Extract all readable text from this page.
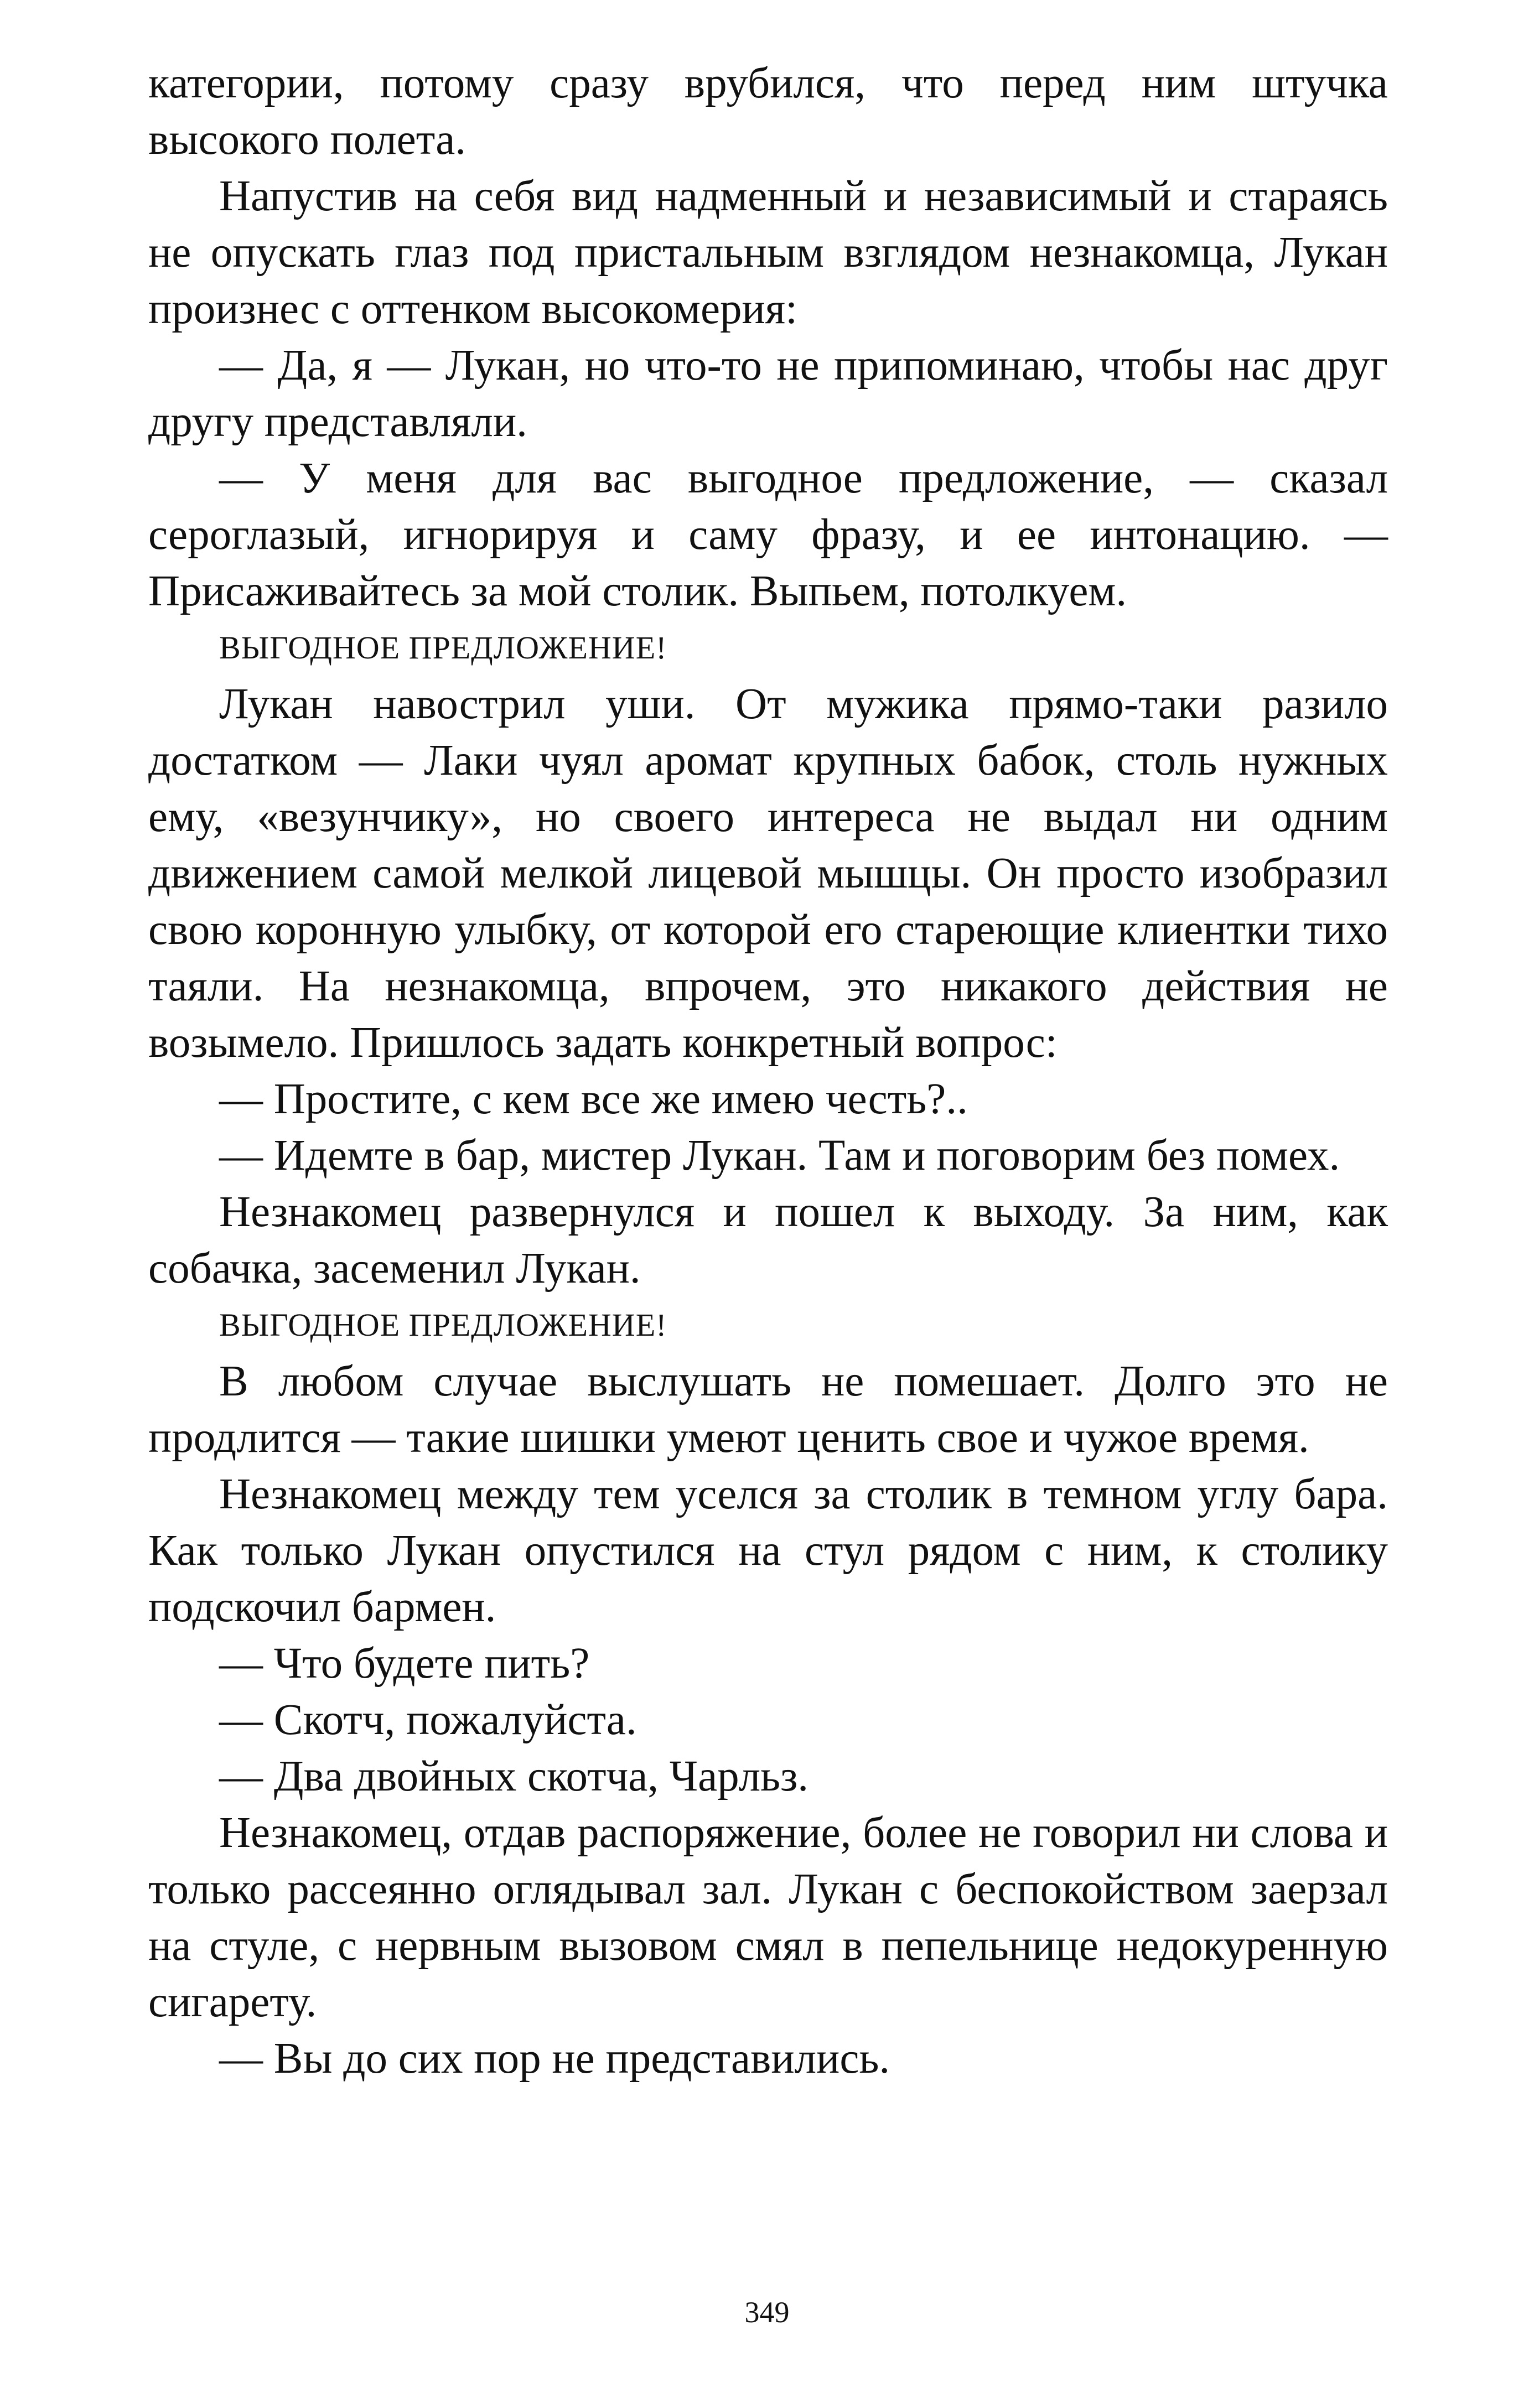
категории, потому сразу врубился, что перед ним штучка высокого полета.

Напустив на себя вид надменный и независимый и стараясь не опускать глаз под пристальным взглядом незнакомца, Лукан произнес с оттенком высокомерия:

— Да, я — Лукан, но что-то не припоминаю, чтобы нас друг другу представляли.

— У меня для вас выгодное предложение, — сказал сероглазый, игнорируя и саму фразу, и ее интонацию. — Присаживайтесь за мой столик. Выпьем, потолкуем.

ВЫГОДНОЕ ПРЕДЛОЖЕНИЕ!

Лукан навострил уши. От мужика прямо-таки разило достатком — Лаки чуял аромат крупных бабок, столь нужных ему, «везунчику», но своего интереса не выдал ни одним движением самой мелкой лицевой мышцы. Он просто изобразил свою коронную улыбку, от которой его стареющие клиентки тихо таяли. На незнакомца, впрочем, это никакого действия не возымело. Пришлось задать конкретный вопрос:

— Простите, с кем все же имею честь?..

— Идемте в бар, мистер Лукан. Там и поговорим без помех.

Незнакомец развернулся и пошел к выходу. За ним, как собачка, засеменил Лукан.

ВЫГОДНОЕ ПРЕДЛОЖЕНИЕ!

В любом случае выслушать не помешает. Долго это не продлится — такие шишки умеют ценить свое и чужое время.

Незнакомец между тем уселся за столик в темном углу бара. Как только Лукан опустился на стул рядом с ним, к столику подскочил бармен.

— Что будете пить?

— Скотч, пожалуйста.

— Два двойных скотча, Чарльз.

Незнакомец, отдав распоряжение, более не говорил ни слова и только рассеянно оглядывал зал. Лукан с беспокойством заерзал на стуле, с нервным вызовом смял в пепельнице недокуренную сигарету.

— Вы до сих пор не представились.

349
